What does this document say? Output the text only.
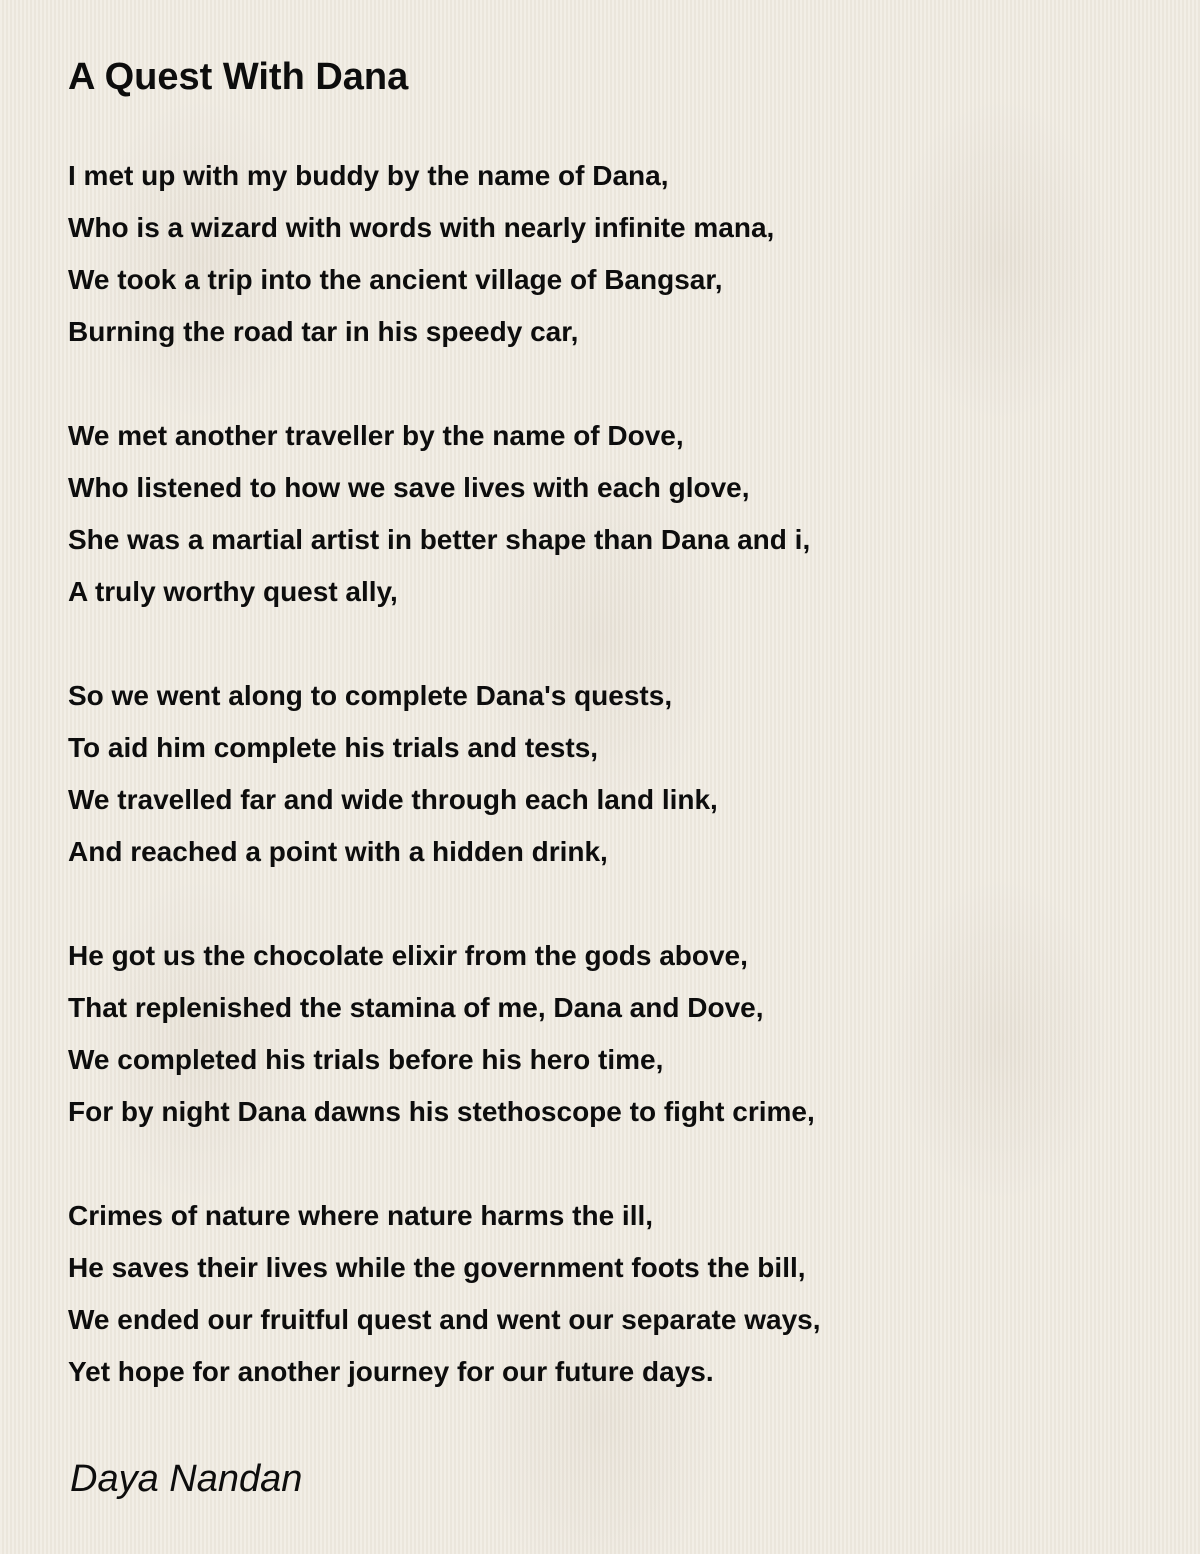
A Quest With Dana
I met up with my buddy by the name of Dana,
Who is a wizard with words with nearly infinite mana,
We took a trip into the ancient village of Bangsar,
Burning the road tar in his speedy car,
We met another traveller by the name of Dove,
Who listened to how we save lives with each glove,
She was a martial artist in better shape than Dana and i,
A truly worthy quest ally,
So we went along to complete Dana's quests,
To aid him complete his trials and tests,
We travelled far and wide through each land link,
And reached a point with a hidden drink,
He got us the chocolate elixir from the gods above,
That replenished the stamina of me, Dana and Dove,
We completed his trials before his hero time,
For by night Dana dawns his stethoscope to fight crime,
Crimes of nature where nature harms the ill,
He saves their lives while the government foots the bill,
We ended our fruitful quest and went our separate ways,
Yet hope for another journey for our future days.
Daya Nandan
